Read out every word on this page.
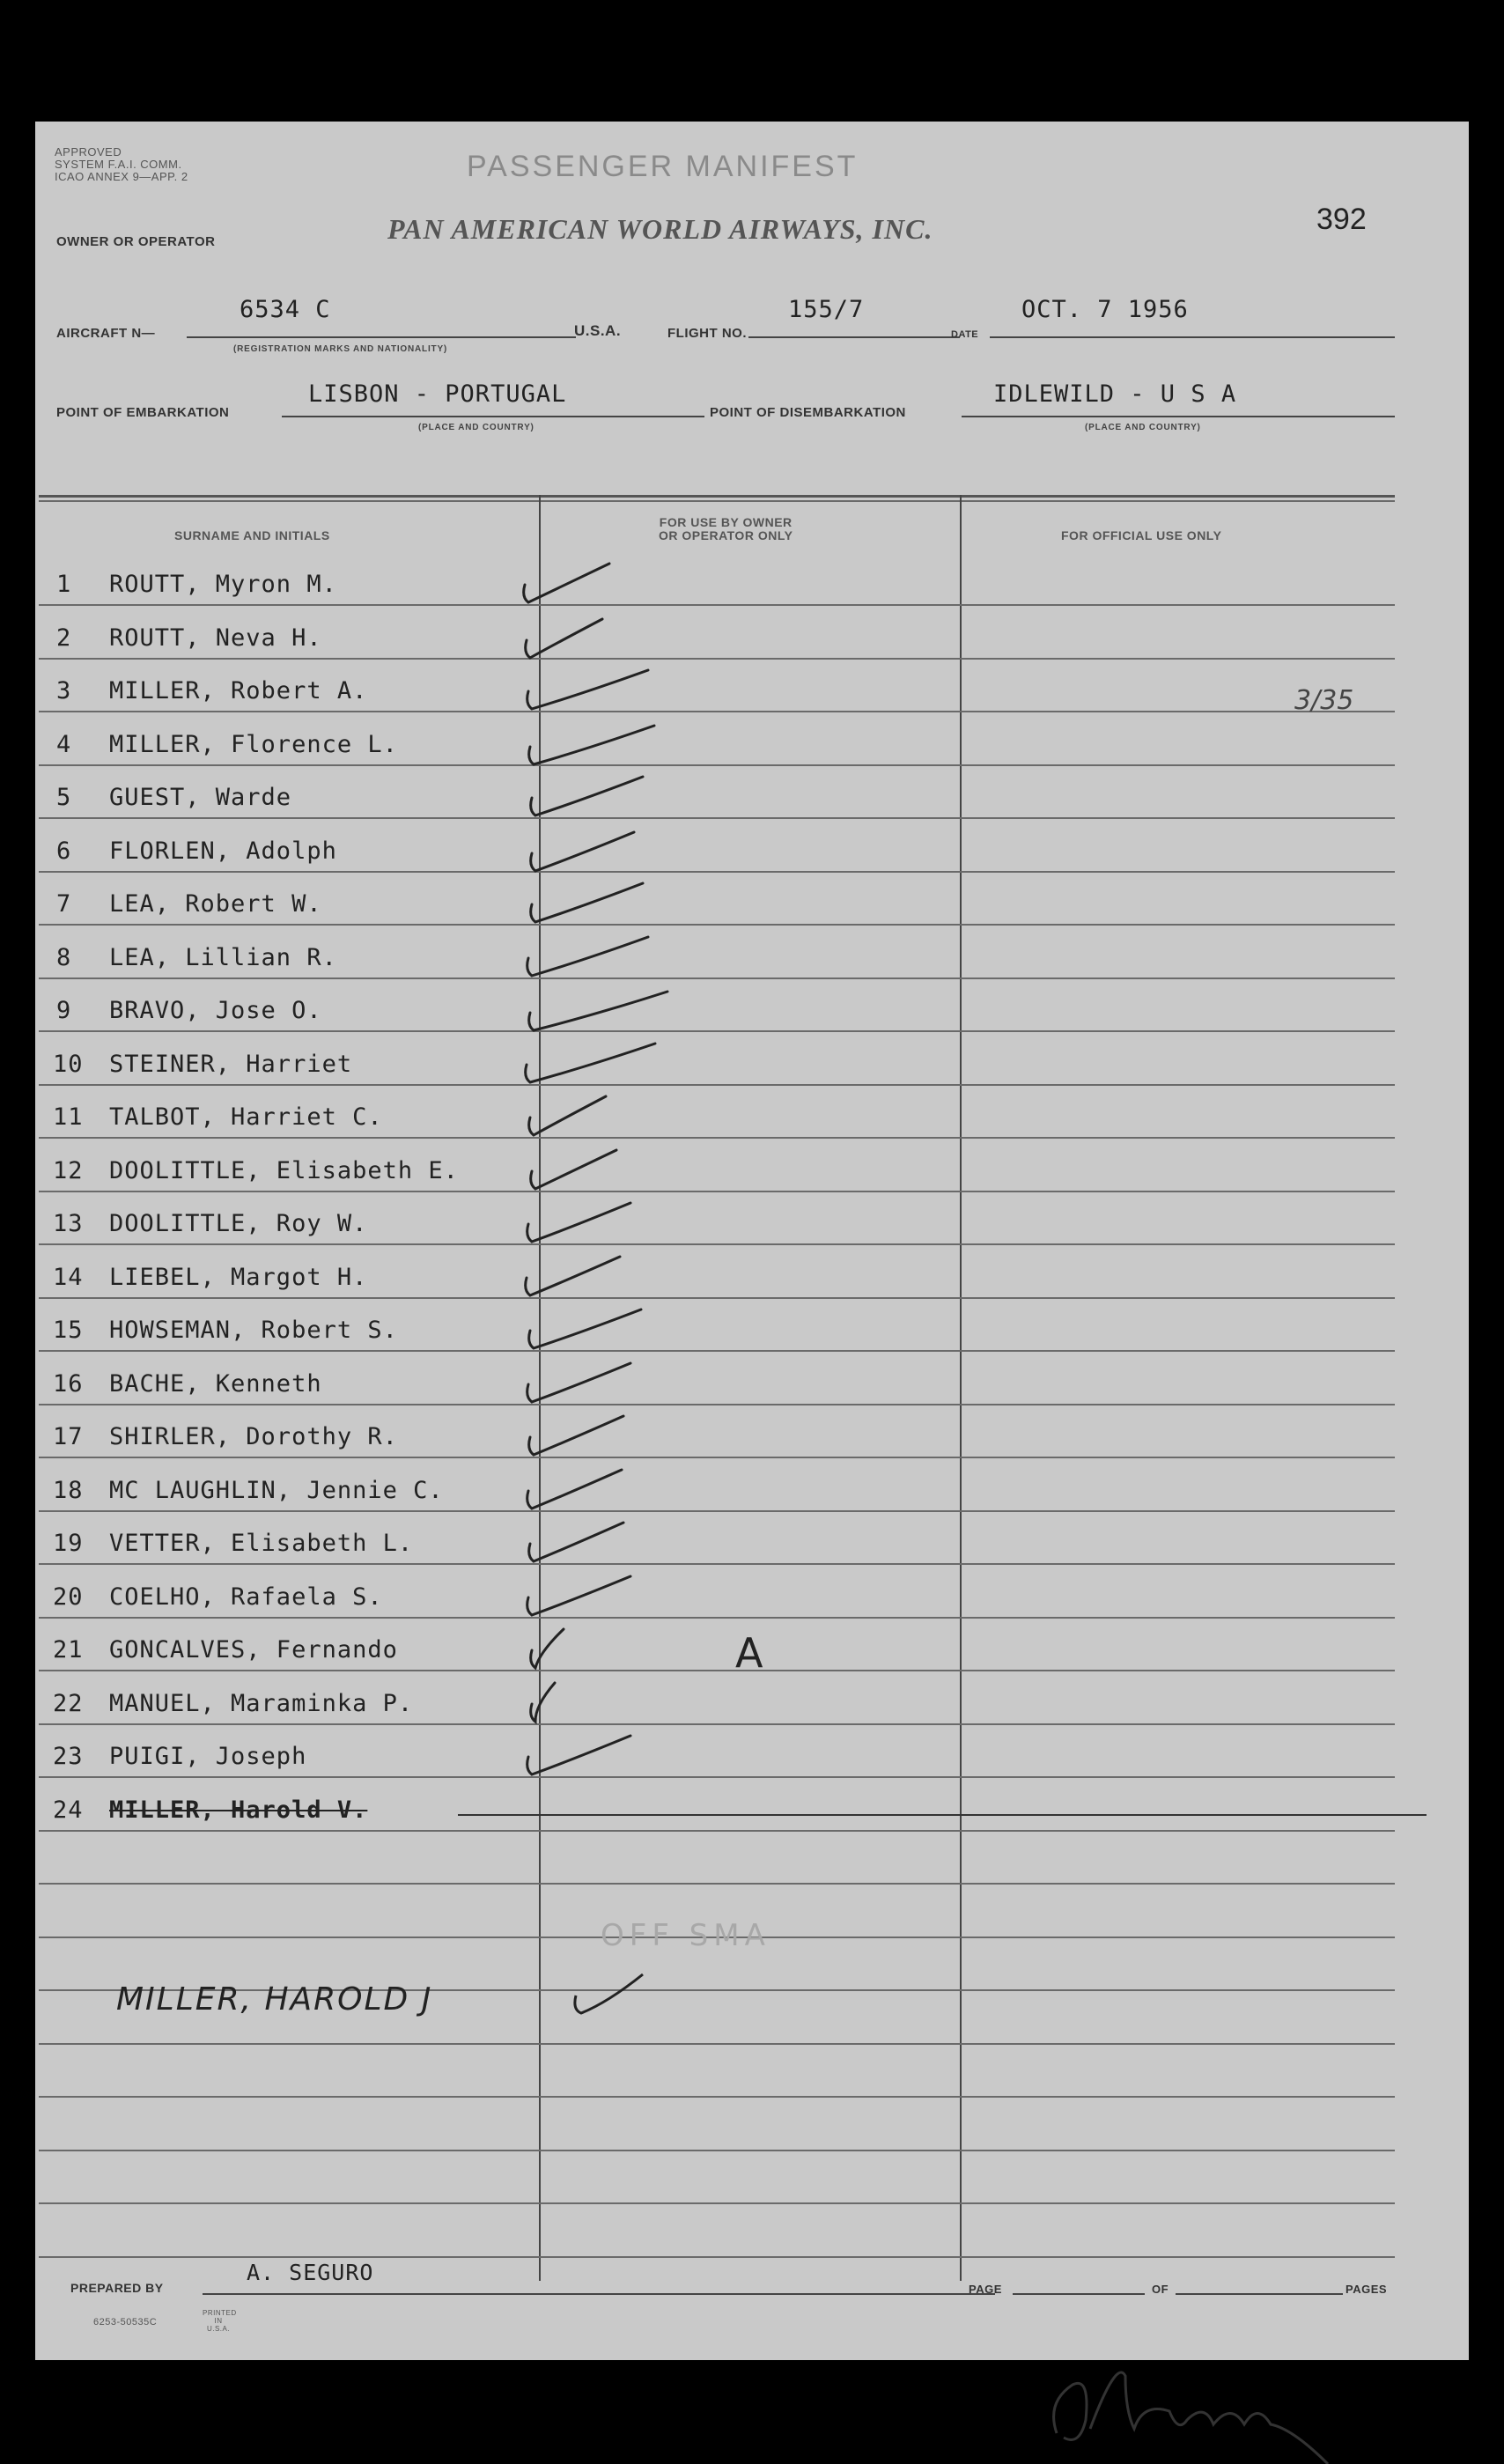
APPROVED
SYSTEM F.A.I. COMM.
ICAO ANNEX 9—APP. 2	PASSENGER MANIFEST
392
OWNER OR OPERATOR	PAN AMERICAN WORLD AIRWAYS, INC.
AIRCRAFT N—
6534 C
(REGISTRATION MARKS AND NATIONALITY)
U.S.A.	FLIGHT NO.
155/7
DATE
OCT. 7 1956
POINT OF EMBARKATION
LISBON - PORTUGAL
(PLACE AND COUNTRY)
POINT OF DISEMBARKATION
IDLEWILD - U S A
(PLACE AND COUNTRY)
SURNAME AND INITIALS
FOR USE BY OWNER
OR OPERATOR ONLY	FOR OFFICIAL USE ONLY
1	ROUTT, Myron M.
2	ROUTT, Neva H.
3	MILLER, Robert A.
4	MILLER, Florence L.
5	GUEST, Warde
6	FLORLEN, Adolph
7	LEA, Robert W.
8	LEA, Lillian R.
9	BRAVO, Jose O.
10	STEINER, Harriet
11	TALBOT, Harriet C.
12	DOOLITTLE, Elisabeth E.
13	DOOLITTLE, Roy W.
14	LIEBEL, Margot H.
15	HOWSEMAN, Robert S.
16	BACHE, Kenneth
17	SHIRLER, Dorothy R.
18	MC LAUGHLIN, Jennie C.
19	VETTER, Elisabeth L.
20	COELHO, Rafaela S.
21	GONCALVES, Fernando
22	MANUEL, Maraminka P.
23	PUIGI, Joseph
24	MILLER, Harold V.
MILLER, HAROLD J
3/35
A
OFF SMA
PREPARED BY
A. SEGURO
PAGE	OF	PAGES
6253-50535C
PRINTED IN U.S.A.
